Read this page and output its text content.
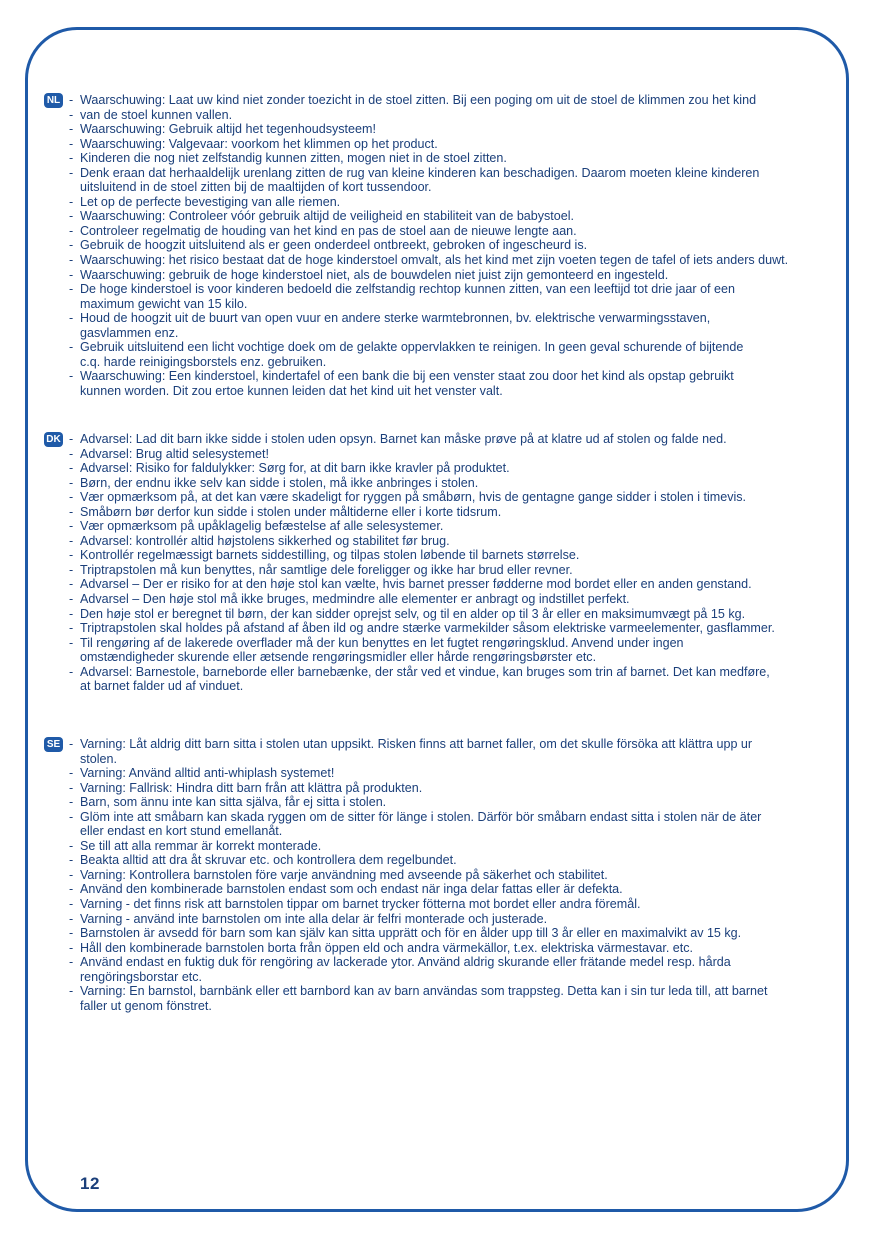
NL - Waarschuwing: Laat uw kind niet zonder toezicht in de stoel zitten. Bij een poging om uit de stoel de klimmen zou het kind
- van de stoel kunnen vallen.
- Waarschuwing: Gebruik altijd het tegenhoudsysteem!
- Waarschuwing: Valgevaar: voorkom het klimmen op het product.
- Kinderen die nog niet zelfstandig kunnen zitten, mogen niet in de stoel zitten.
- Denk eraan dat herhaaldelijk urenlang zitten de rug van kleine kinderen kan beschadigen. Daarom moeten kleine kinderen
uitsluitend in de stoel zitten bij de maaltijden of kort tussendoor.
- Let op de perfecte bevestiging van alle riemen.
- Waarschuwing: Controleer vóór gebruik altijd de veiligheid en stabiliteit van de babystoel.
- Controleer regelmatig de houding van het kind en pas de stoel aan de nieuwe lengte aan.
- Gebruik de hoogzit uitsluitend als er geen onderdeel ontbreekt, gebroken of ingescheurd is.
- Waarschuwing: het risico bestaat dat de hoge kinderstoel omvalt, als het kind met zijn voeten tegen de tafel of iets anders duwt.
- Waarschuwing: gebruik de hoge kinderstoel niet, als de bouwdelen niet juist zijn gemonteerd en ingesteld.
- De hoge kinderstoel is voor kinderen bedoeld die zelfstandig rechtop kunnen zitten, van een leeftijd tot drie jaar of een
maximum gewicht van 15 kilo.
- Houd de hoogzit uit de buurt van open vuur en andere sterke warmtebronnen, bv. elektrische verwarmingsstaven,
gasvlammen enz.
- Gebruik uitsluitend een licht vochtige doek om de gelakte oppervlakken te reinigen. In geen geval schurende of bijtende
c.q. harde reinigingsborstels enz. gebruiken.
- Waarschuwing: Een kinderstoel, kindertafel of een bank die bij een venster staat zou door het kind als opstap gebruikt
kunnen worden. Dit zou ertoe kunnen leiden dat het kind uit het venster valt.
DK - Advarsel: Lad dit barn ikke sidde i stolen uden opsyn. Barnet kan måske prøve på at klatre ud af stolen og falde ned.
- Advarsel: Brug altid selesystemet!
- Advarsel: Risiko for faldulykker: Sørg for, at dit barn ikke kravler på produktet.
- Børn, der endnu ikke selv kan sidde i stolen, må ikke anbringes i stolen.
- Vær opmærksom på, at det kan være skadeligt for ryggen på småbørn, hvis de gentagne gange sidder i stolen i timevis.
- Småbørn bør derfor kun sidde i stolen under måltiderne eller i korte tidsrum.
- Vær opmærksom på upåklagelig befæstelse af alle selesystemer.
- Advarsel: kontrollér altid højstolens sikkerhed og stabilitet før brug.
- Kontrollér regelmæssigt barnets siddestilling, og tilpas stolen løbende til barnets størrelse.
- Triptrapstolen må kun benyttes, når samtlige dele foreligger og ikke har brud eller revner.
- Advarsel – Der er risiko for at den høje stol kan vælte, hvis barnet presser fødderne mod bordet eller en anden genstand.
- Advarsel – Den høje stol må ikke bruges, medmindre alle elementer er anbragt og indstillet perfekt.
- Den høje stol er beregnet til børn, der kan sidder oprejst selv, og til en alder op til 3 år eller en maksimumvægt på 15 kg.
- Triptrapstolen skal holdes på afstand af åben ild og andre stærke varmekilder såsom elektriske varmeelementer, gasflammer.
- Til rengøring af de lakerede overflader må der kun benyttes en let fugtet rengøringsklud. Anvend under ingen
omstændigheder skurende eller ætsende rengøringsmidler eller hårde rengøringsbørster etc.
- Advarsel: Barnestole, barneborde eller barnebænke, der står ved et vindue, kan bruges som trin af barnet. Det kan medføre,
at barnet falder ud af vinduet.
SE - Varning: Låt aldrig ditt barn sitta i stolen utan uppsikt. Risken finns att barnet faller, om det skulle försöka att klättra upp ur
stolen.
- Varning: Använd alltid anti-whiplash systemet!
- Varning: Fallrisk: Hindra ditt barn från att klättra på produkten.
- Barn, som ännu inte kan sitta själva, får ej sitta i stolen.
- Glöm inte att småbarn kan skada ryggen om de sitter för länge i stolen. Därför bör småbarn endast sitta i stolen när de äter
eller endast en kort stund emellanåt.
- Se till att alla remmar är korrekt monterade.
- Beakta alltid att dra åt skruvar etc. och kontrollera dem regelbundet.
- Varning: Kontrollera barnstolen före varje användning med avseende på säkerhet och stabilitet.
- Använd den kombinerade barnstolen endast som och endast när inga delar fattas eller är defekta.
- Varning - det finns risk att barnstolen tippar om barnet trycker fötterna mot bordet eller andra föremål.
- Varning - använd inte barnstolen om inte alla delar är felfri monterade och justerade.
- Barnstolen är avsedd för barn som kan själv kan sitta upprätt och för en ålder upp till 3 år eller en maximalvikt av 15 kg.
- Håll den kombinerade barnstolen borta från öppen eld och andra värmekällor, t.ex. elektriska värmestavar. etc.
- Använd endast en fuktig duk för rengöring av lackerade ytor. Använd aldrig skurande eller frätande medel resp. hårda
rengöringsborstar etc.
- Varning: En barnstol, barnbänk eller ett barnbord kan av barn användas som trappsteg. Detta kan i sin tur leda till, att barnet
faller ut genom fönstret.
12
